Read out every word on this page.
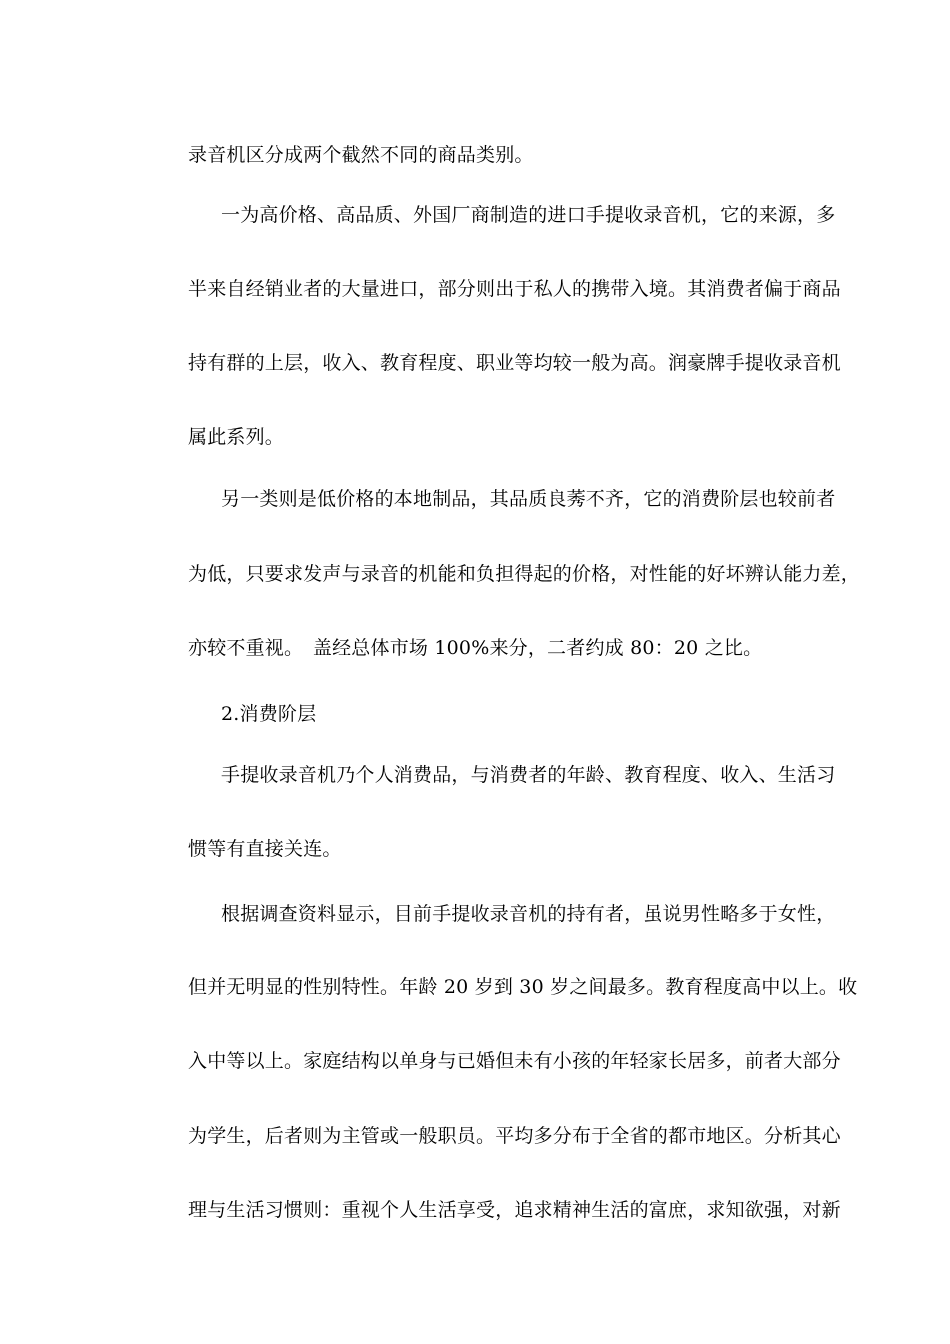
录音机区分成两个截然不同的商品类别。
一为高价格、高品质、外国厂商制造的进口手提收录音机，它的来源，多
半来自经销业者的大量进口，部分则出于私人的携带入境。其消费者偏于商品
持有群的上层，收入、教育程度、职业等均较一般为高。润豪牌手提收录音机
属此系列。
另一类则是低价格的本地制品，其品质良莠不齐，它的消费阶层也较前者
为低，只要求发声与录音的机能和负担得起的价格，对性能的好坏辨认能力差，
亦较不重视。　盖经总体市场 100%来分，二者约成 80：20 之比。
2.消费阶层
手提收录音机乃个人消费品，与消费者的年龄、教育程度、收入、生活习
惯等有直接关连。
根据调查资料显示，目前手提收录音机的持有者，虽说男性略多于女性，
但并无明显的性别特性。年龄 20 岁到 30 岁之间最多。教育程度高中以上。收
入中等以上。家庭结构以单身与已婚但未有小孩的年轻家长居多，前者大部分
为学生，后者则为主管或一般职员。平均多分布于全省的都市地区。分析其心
理与生活习惯则：重视个人生活享受，追求精神生活的富庶，求知欲强，对新
